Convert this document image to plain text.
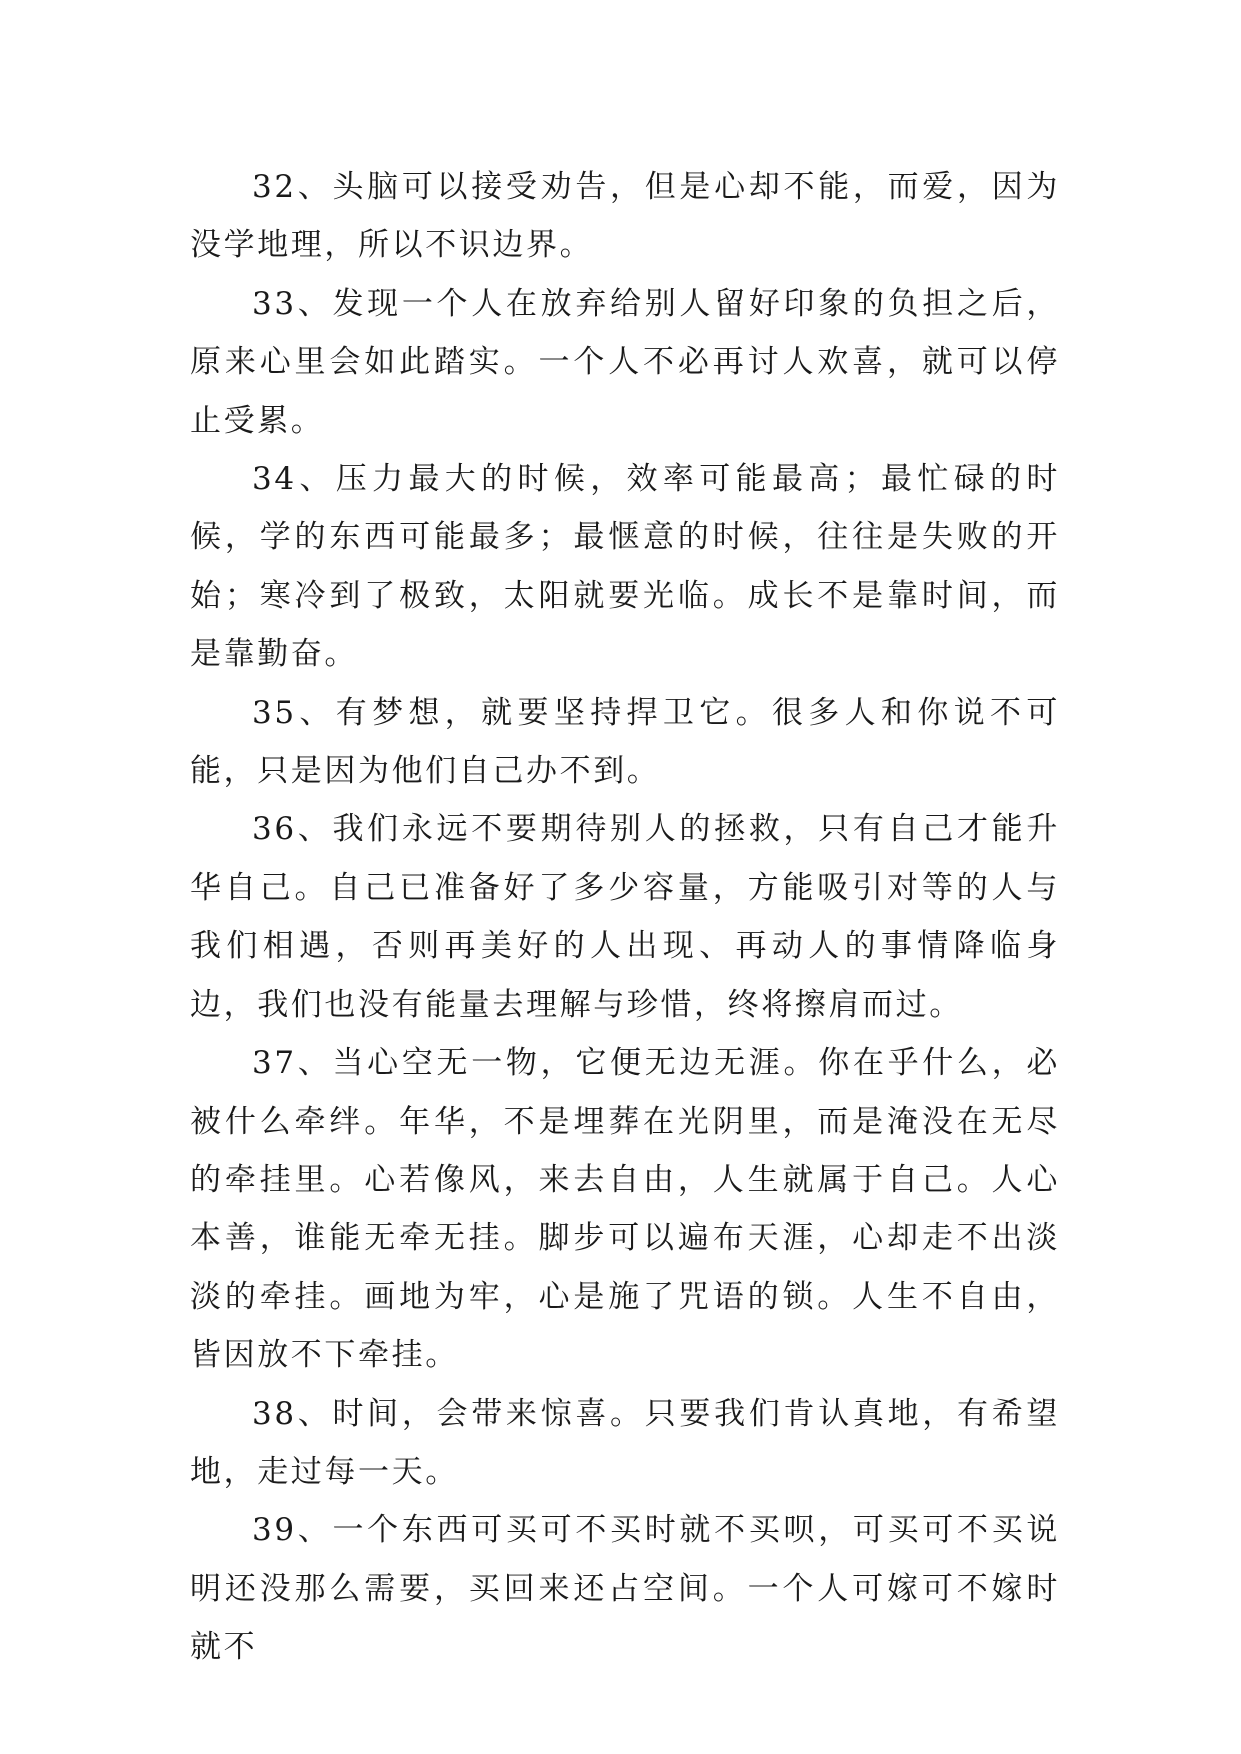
32、头脑可以接受劝告，但是心却不能，而爱，因为没学地理，所以不识边界。

33、发现一个人在放弃给别人留好印象的负担之后，原来心里会如此踏实。一个人不必再讨人欢喜，就可以停止受累。

34、压力最大的时候，效率可能最高；最忙碌的时候，学的东西可能最多；最惬意的时候，往往是失败的开始；寒冷到了极致，太阳就要光临。成长不是靠时间，而是靠勤奋。

35、有梦想，就要坚持捍卫它。很多人和你说不可能，只是因为他们自己办不到。

36、我们永远不要期待别人的拯救，只有自己才能升华自己。自己已准备好了多少容量，方能吸引对等的人与我们相遇，否则再美好的人出现、再动人的事情降临身边，我们也没有能量去理解与珍惜，终将擦肩而过。

37、当心空无一物，它便无边无涯。你在乎什么，必被什么牵绊。年华，不是埋葬在光阴里，而是淹没在无尽的牵挂里。心若像风，来去自由，人生就属于自己。人心本善，谁能无牵无挂。脚步可以遍布天涯，心却走不出淡淡的牵挂。画地为牢，心是施了咒语的锁。人生不自由，皆因放不下牵挂。

38、时间，会带来惊喜。只要我们肯认真地，有希望地，走过每一天。

39、一个东西可买可不买时就不买呗，可买可不买说明还没那么需要，买回来还占空间。一个人可嫁可不嫁时就不
